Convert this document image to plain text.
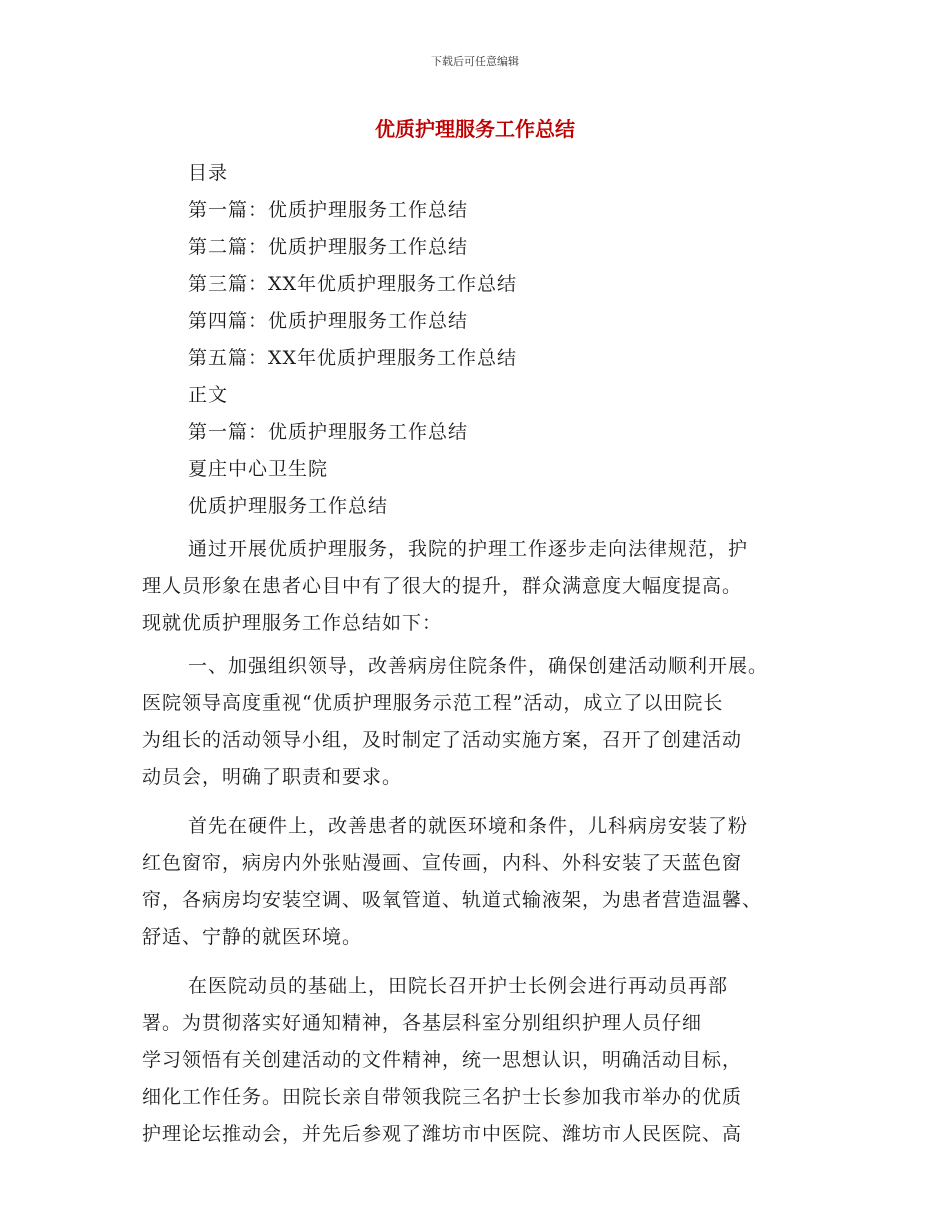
下载后可任意编辑
优质护理服务工作总结
目录
第一篇：优质护理服务工作总结
第二篇：优质护理服务工作总结
第三篇：XX年优质护理服务工作总结
第四篇：优质护理服务工作总结
第五篇：XX年优质护理服务工作总结
正文
第一篇：优质护理服务工作总结
夏庄中心卫生院
优质护理服务工作总结
通过开展优质护理服务，我院的护理工作逐步走向法律规范，护
理人员形象在患者心目中有了很大的提升，群众满意度大幅度提高。
现就优质护理服务工作总结如下：
一、加强组织领导，改善病房住院条件，确保创建活动顺利开展。
医院领导高度重视“优质护理服务示范工程”活动，成立了以田院长
为组长的活动领导小组，及时制定了活动实施方案，召开了创建活动
动员会，明确了职责和要求。
首先在硬件上，改善患者的就医环境和条件，儿科病房安装了粉
红色窗帘，病房内外张贴漫画、宣传画，内科、外科安装了天蓝色窗
帘，各病房均安装空调、吸氧管道、轨道式输液架，为患者营造温馨、
舒适、宁静的就医环境。
在医院动员的基础上，田院长召开护士长例会进行再动员再部
署。为贯彻落实好通知精神，各基层科室分别组织护理人员仔细
学习领悟有关创建活动的文件精神，统一思想认识，明确活动目标，
细化工作任务。田院长亲自带领我院三名护士长参加我市举办的优质
护理论坛推动会，并先后参观了潍坊市中医院、潍坊市人民医院、高
